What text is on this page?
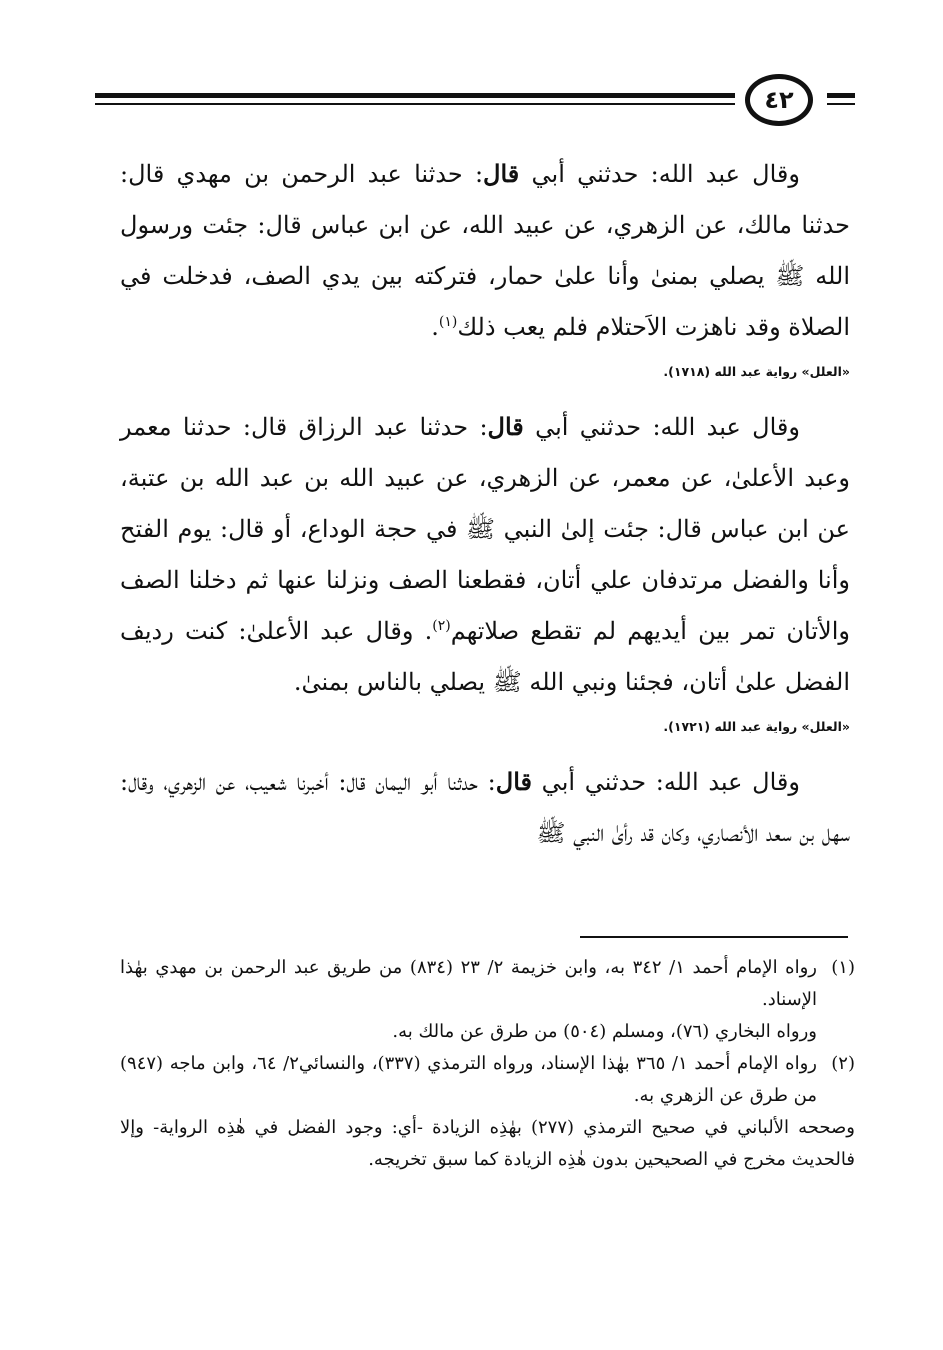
٤٢

وقال عبد الله: حدثني أبي قال: حدثنا عبد الرحمن بن مهدي قال: حدثنا مالك، عن الزهري، عن عبيد الله، عن ابن عباس قال: جئت ورسول الله ﷺ يصلي بمنىٰ وأنا علىٰ حمار، فتركته بين يدي الصف، فدخلت في الصلاة وقد ناهزت الاَحتلام فلم يعب ذلك$^{(١)}$.

«العلل» رواية عبد الله (١٧١٨).

وقال عبد الله: حدثني أبي قال: حدثنا عبد الرزاق قال: حدثنا معمر وعبد الأعلىٰ، عن معمر، عن الزهري، عن عبيد الله بن عبد الله بن عتبة، عن ابن عباس قال: جئت إلىٰ النبي ﷺ في حجة الوداع، أو قال: يوم الفتح وأنا والفضل مرتدفان علي أتان، فقطعنا الصف ونزلنا عنها ثم دخلنا الصف والأتان تمر بين أيديهم لم تقطع صلاتهم$^{(٢)}$. وقال عبد الأعلىٰ: كنت رديف الفضل علىٰ أتان، فجئنا ونبي الله ﷺ يصلي بالناس بمنىٰ.

«العلل» رواية عبد الله (١٧٢١).

وقال عبد الله: حدثني أبي قال: حدثنا أبو اليمان قال: أخبرنا شعيب، عن الزهري، وقال: سهل بن سعد الأنصاري، وكان قد رأىٰ النبي ﷺ

(١)

رواه الإمام أحمد ١/ ٣٤٢ به، وابن خزيمة ٢/ ٢٣ (٨٣٤) من طريق عبد الرحمن بن مهدي بهٰذا الإسناد.

ورواه البخاري (٧٦)، ومسلم (٥٠٤) من طرق عن مالك به.

(٢)

رواه الإمام أحمد ١/ ٣٦٥ بهٰذا الإسناد، ورواه الترمذي (٣٣٧)، والنسائي٢/ ٦٤، وابن ماجه (٩٤٧) من طرق عن الزهري به.

وصححه الألباني في صحيح الترمذي (٢٧٧) بهٰذِه الزيادة -أي: وجود الفضل في هٰذِه الرواية- وإلا فالحديث مخرج في الصحيحين بدون هٰذِه الزيادة كما سبق تخريجه.
